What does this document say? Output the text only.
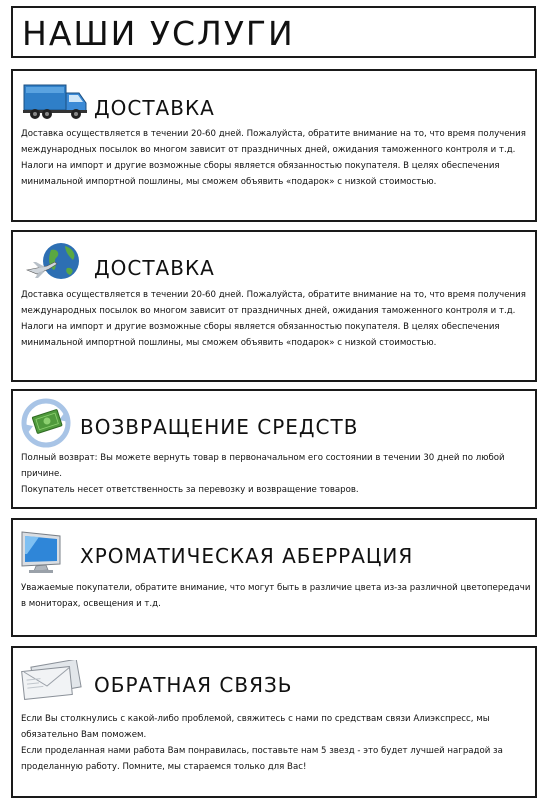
НАШИ УСЛУГИ
ДОСТАВКА

Доставка осуществляется в течении 20-60 дней. Пожалуйста, обратите внимание на то, что время получения международных посылок во многом зависит от праздничных дней, ожидания таможенного контроля и т.д.

Налоги на импорт и другие возможные сборы является обязанностью покупателя. В целях обеспечения минимальной импортной пошлины, мы сможем объявить «подарок» с низкой стоимостью.

ДОСТАВКА

Доставка осуществляется в течении 20-60 дней. Пожалуйста, обратите внимание на то, что время получения международных посылок во многом зависит от праздничных дней, ожидания таможенного контроля и т.д.

Налоги на импорт и другие возможные сборы является обязанностью покупателя. В целях обеспечения минимальной импортной пошлины, мы сможем объявить «подарок» с низкой стоимостью.

ВОЗВРАЩЕНИЕ СРЕДСТВ

Полный возврат: Вы можете вернуть товар в первоначальном его состоянии в течении 30 дней по любой причине.

Покупатель несет ответственность за перевозку и возвращение товаров.

ХРОМАТИЧЕСКАЯ АБЕРРАЦИЯ

Уважаемые покупатели, обратите внимание, что могут быть в различие цвета из-за различной цветопередачи в мониторах, освещения и т.д.

ОБРАТНАЯ СВЯЗЬ

Если Вы столкнулись с какой-либо проблемой, свяжитесь с нами по средствам связи Алиэкспресс, мы обязательно Вам поможем.

Если проделанная нами работа Вам понравилась, поставьте нам 5 звезд - это будет лучшей наградой за проделанную работу. Помните, мы стараемся только для Вас!
